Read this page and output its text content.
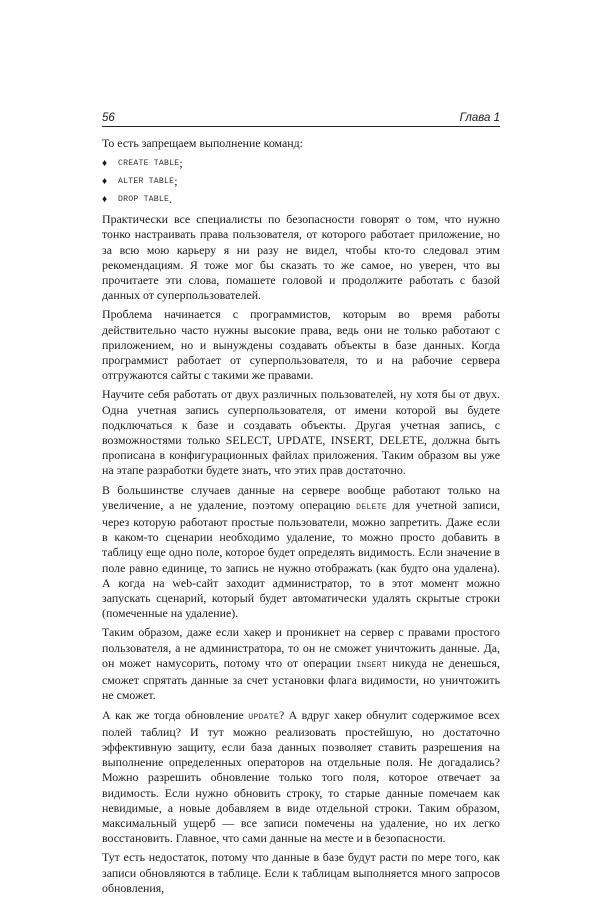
56	Глава 1

То есть запрещаем выполнение команд:

♦	CREATE TABLE ;
♦	ALTER TABLE ;
♦	DROP TABLE .

Практически все специалисты по безопасности говорят о том, что нужно тонко настраивать права пользователя, от которого работает приложение, но за всю мою карьеру я ни разу не видел, чтобы кто-то следовал этим рекомендациям. Я тоже мог бы сказать то же самое, но уверен, что вы прочитаете эти слова, помашете головой и продолжите работать с базой данных от суперпользователей.

Проблема начинается с программистов, которым во время работы действительно часто нужны высокие права, ведь они не только работают с приложением, но и вынуждены создавать объекты в базе данных. Когда программист работает от суперпользователя, то и на рабочие сервера отгружаются сайты с такими же правами.

Научите себя работать от двух различных пользователей, ну хотя бы от двух. Одна учетная запись суперпользователя, от имени которой вы будете подключаться к базе и создавать объекты. Другая учетная запись, с возможностями только SELECT, UPDATE, INSERT, DELETE, должна быть прописана в конфигурационных файлах приложения. Таким образом вы уже на этапе разработки будете знать, что этих прав достаточно.

В большинстве случаев данные на сервере вообще работают только на увеличение, а не удаление, поэтому операцию DELETE для учетной записи, через которую работают простые пользователи, можно запретить. Даже если в каком-то сценарии необходимо удаление, то можно просто добавить в таблицу еще одно поле, которое будет определять видимость. Если значение в поле равно единице, то запись не нужно отображать (как будто она удалена). А когда на web-сайт заходит администратор, то в этот момент можно запускать сценарий, который будет автоматически удалять скрытые строки (помеченные на удаление).

Таким образом, даже если хакер и проникнет на сервер с правами простого пользователя, а не администратора, то он не сможет уничтожить данные. Да, он может намусорить, потому что от операции INSERT никуда не денешься, сможет спрятать данные за счет установки флага видимости, но уничтожить не сможет.

А как же тогда обновление UPDATE? А вдруг хакер обнулит содержимое всех полей таблиц? И тут можно реализовать простейшую, но достаточно эффективную защиту, если база данных позволяет ставить разрешения на выполнение определенных операторов на отдельные поля. Не догадались? Можно разрешить обновление только того поля, которое отвечает за видимость. Если нужно обновить строку, то старые данные помечаем как невидимые, а новые добавляем в виде отдельной строки. Таким образом, максимальный ущерб — все записи помечены на удаление, но их легко восстановить. Главное, что сами данные на месте и в безопасности.

Тут есть недостаток, потому что данные в базе будут расти по мере того, как записи обновляются в таблице. Если к таблицам выполняется много запросов обновления,
